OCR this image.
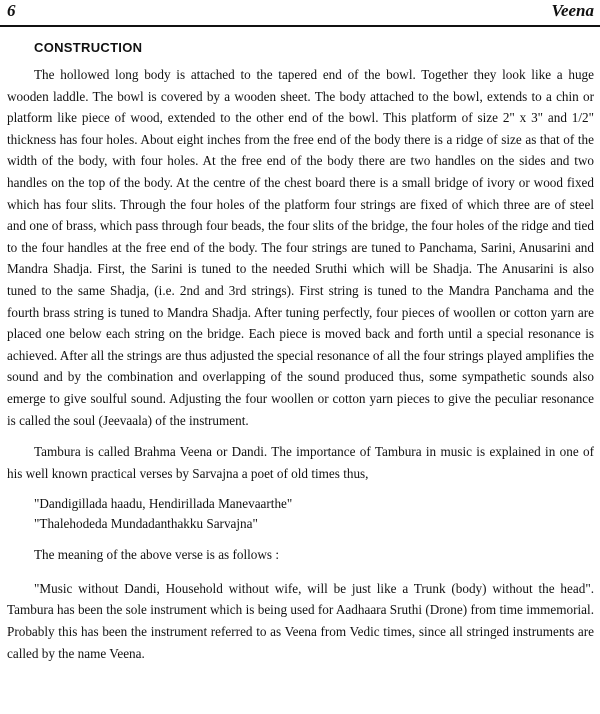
6	Veena
CONSTRUCTION

The hollowed long body is attached to the tapered end of the bowl. Together they look like a huge wooden laddle. The bowl is covered by a wooden sheet. The body attached to the bowl, extends to a chin or platform like piece of wood, extended to the other end of the bowl. This platform of size 2" x 3" and 1/2" thickness has four holes. About eight inches from the free end of the body there is a ridge of size as that of the width of the body, with four holes. At the free end of the body there are two handles on the sides and two handles on the top of the body. At the centre of the chest board there is a small bridge of ivory or wood fixed which has four slits. Through the four holes of the platform four strings are fixed of which three are of steel and one of brass, which pass through four beads, the four slits of the bridge, the four holes of the ridge and tied to the four handles at the free end of the body. The four strings are tuned to Panchama, Sarini, Anusarini and Mandra Shadja. First, the Sarini is tuned to the needed Sruthi which will be Shadja. The Anusarini is also tuned to the same Shadja, (i.e. 2nd and 3rd strings). First string is tuned to the Mandra Panchama and the fourth brass string is tuned to Mandra Shadja. After tuning perfectly, four pieces of woollen or cotton yarn are placed one below each string on the bridge. Each piece is moved back and forth until a special resonance is achieved. After all the strings are thus adjusted the special resonance of all the four strings played amplifies the sound and by the combination and overlapping of the sound produced thus, some sympathetic sounds also emerge to give soulful sound. Adjusting the four woollen or cotton yarn pieces to give the peculiar resonance is called the soul (Jeevaala) of the instrument.

Tambura is called Brahma Veena or Dandi. The importance of Tambura in music is explained in one of his well known practical verses by Sarvajna a poet of old times thus,

"Dandigillada haadu, Hendirillada Manevaarthe"
"Thalehodeda Mundadanthakku Sarvajna"

The meaning of the above verse is as follows :

"Music without Dandi, Household without wife, will be just like a Trunk (body) without the head". Tambura has been the sole instrument which is being used for Aadhaara Sruthi (Drone) from time immemorial. Probably this has been the instrument referred to as Veena from Vedic times, since all stringed instruments are called by the name Veena.
